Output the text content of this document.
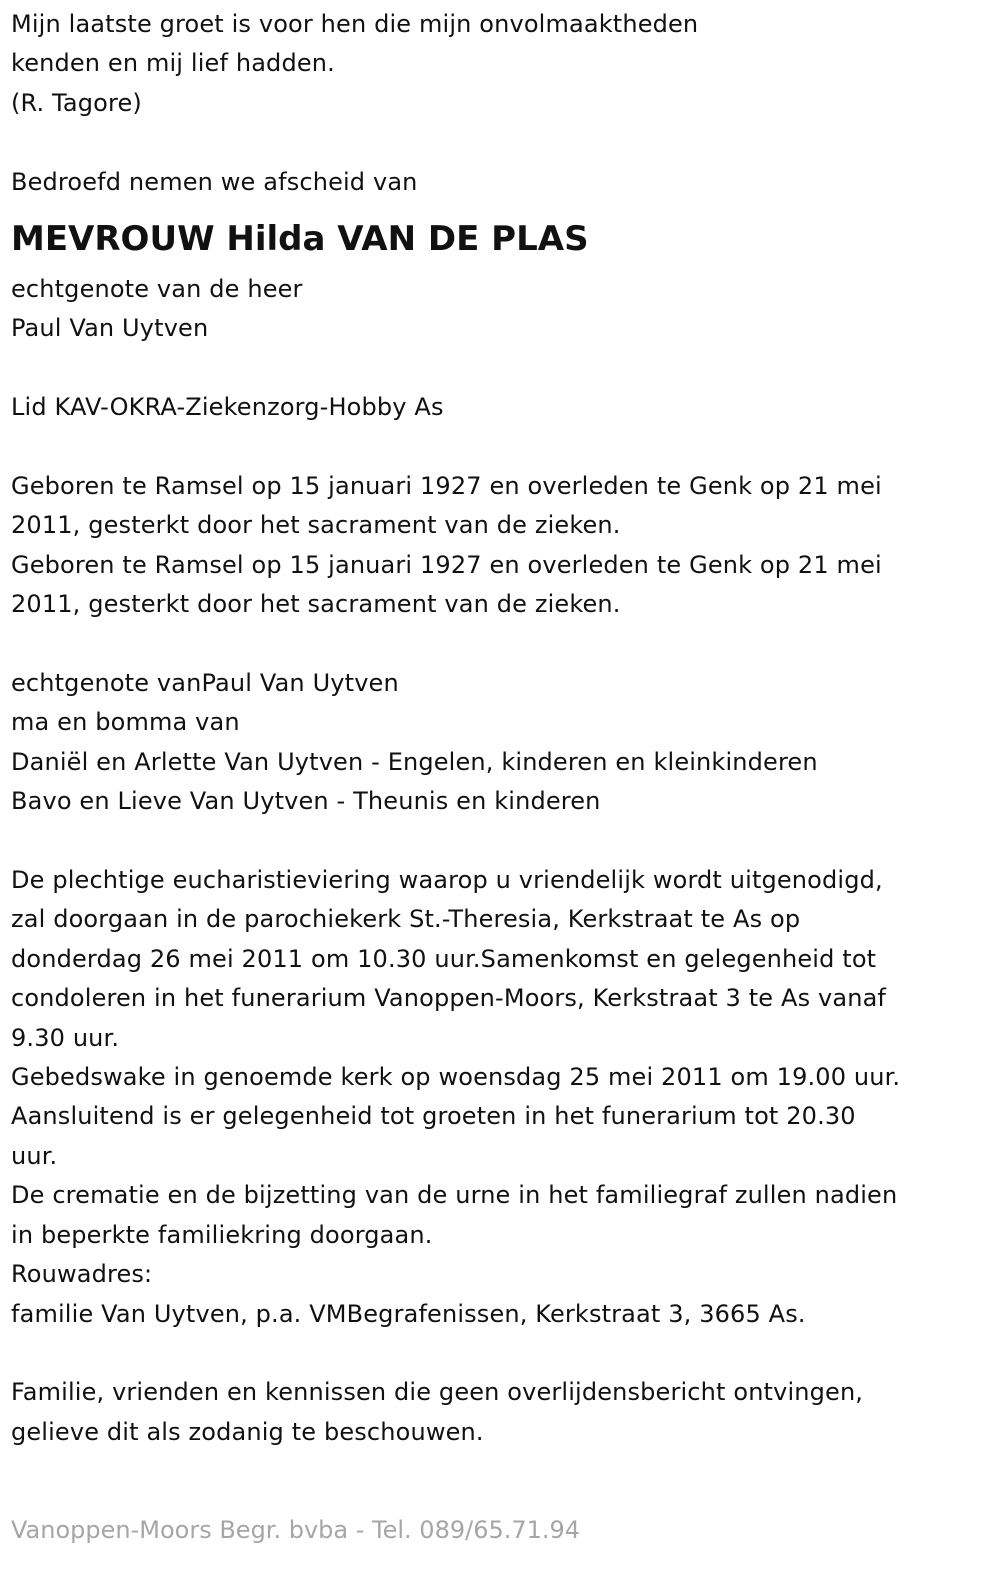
Mijn laatste groet is voor hen die mijn onvolmaaktheden
kenden en mij lief hadden.
(R. Tagore)
Bedroefd nemen we afscheid van
MEVROUW Hilda VAN DE PLAS
echtgenote van de heer
Paul Van Uytven
Lid KAV-OKRA-Ziekenzorg-Hobby As
Geboren te Ramsel op 15 januari 1927 en overleden te Genk op 21 mei
2011, gesterkt door het sacrament van de zieken.
Geboren te Ramsel op 15 januari 1927 en overleden te Genk op 21 mei
2011, gesterkt door het sacrament van de zieken.
echtgenote vanPaul Van Uytven
ma en bomma van
Daniël en Arlette Van Uytven - Engelen, kinderen en kleinkinderen
Bavo en Lieve Van Uytven - Theunis en kinderen
De plechtige eucharistieviering waarop u vriendelijk wordt uitgenodigd,
zal doorgaan in de parochiekerk St.-Theresia, Kerkstraat te As op
donderdag 26 mei 2011 om 10.30 uur.Samenkomst en gelegenheid tot
condoleren in het funerarium Vanoppen-Moors, Kerkstraat 3 te As vanaf
9.30 uur.
Gebedswake in genoemde kerk op woensdag 25 mei 2011 om 19.00 uur.
Aansluitend is er gelegenheid tot groeten in het funerarium tot 20.30
uur.
De crematie en de bijzetting van de urne in het familiegraf zullen nadien
in beperkte familiekring doorgaan.
Rouwadres:
familie Van Uytven, p.a. VMBegrafenissen, Kerkstraat 3, 3665 As.
Familie, vrienden en kennissen die geen overlijdensbericht ontvingen,
gelieve dit als zodanig te beschouwen.
Vanoppen-Moors Begr. bvba - Tel. 089/65.71.94
